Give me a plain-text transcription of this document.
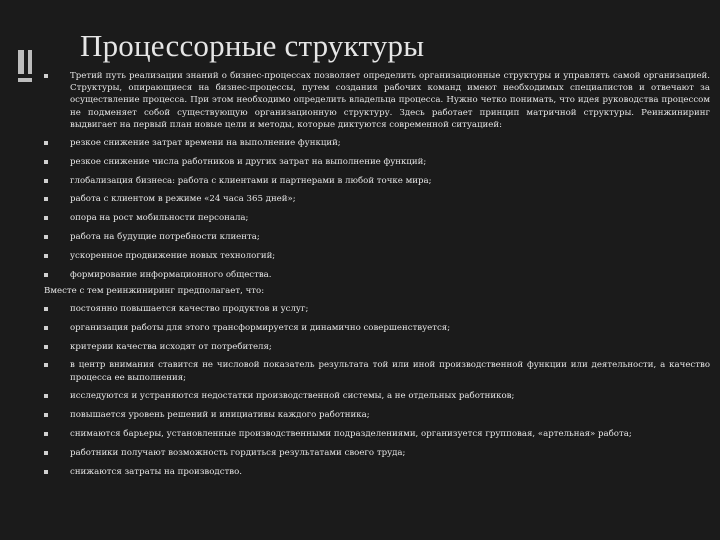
Процессорные структуры
Третий путь реализации знаний о бизнес-процессах позволяет определить организационные структуры и управлять самой организацией. Структуры, опирающиеся на бизнес-процессы, путем создания рабочих команд имеют необходимых специалистов и отвечают за осуществление процесса. При этом необходимо определить владельца процесса. Нужно четко понимать, что идея руководства процессом не подменяет собой существующую организационную структуру. Здесь работает принцип матричной структуры. Реинжиниринг выдвигает на первый план новые цели и методы, которые диктуются современной ситуацией:
резкое снижение затрат времени на выполнение функций;
резкое снижение числа работников и других затрат на выполнение функций;
глобализация бизнеса: работа с клиентами и партнерами в любой точке мира;
работа с клиентом в режиме «24 часа 365 дней»;
опора на рост мобильности персонала;
работа на будущие потребности клиента;
ускоренное продвижение новых технологий;
формирование информационного общества.
Вместе с тем реинжиниринг предполагает, что:
постоянно повышается качество продуктов и услуг;
организация работы для этого трансформируется и динамично совершенствуется;
критерии качества исходят от потребителя;
в центр внимания ставится не числовой показатель результата той или иной производственной функции или деятельности, а качество процесса ее выполнения;
исследуются и устраняются недостатки производственной системы, а не отдельных работников;
повышается уровень решений и инициативы каждого работника;
снимаются барьеры, установленные производственными подразделениями, организуется групповая, «артельная» работа;
работники получают возможность гордиться результатами своего труда;
снижаются затраты на производство.
